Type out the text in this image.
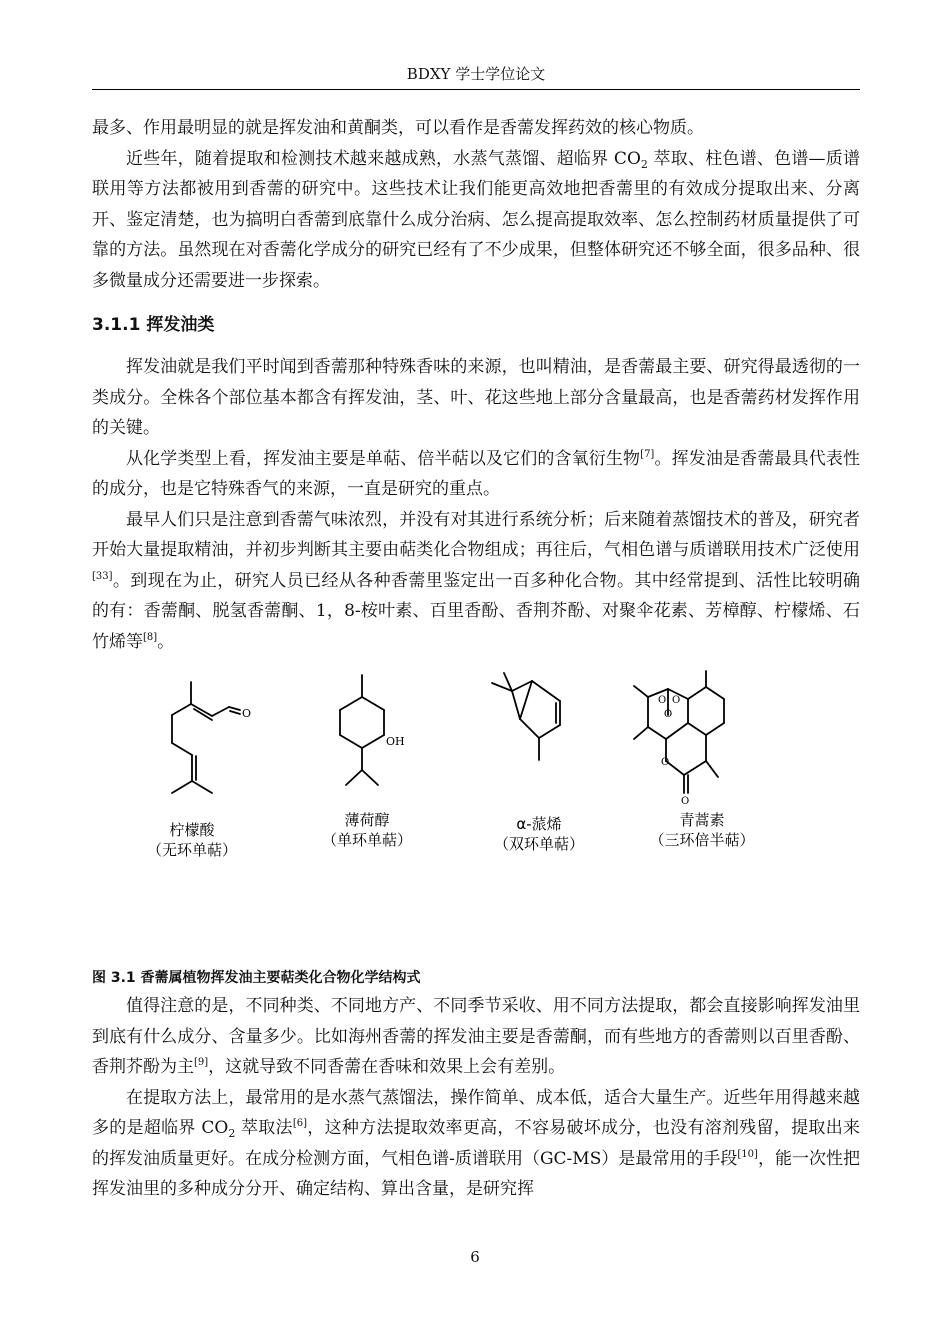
BDXY 学士学位论文

最多、作用最明显的就是挥发油和黄酮类，可以看作是香薷发挥药效的核心物质。

近些年，随着提取和检测技术越来越成熟，水蒸气蒸馏、超临界 $CO_2$ 萃取、柱色谱、色谱—质谱联用等方法都被用到香薷的研究中。这些技术让我们能更高效地把香薷里的有效成分提取出来、分离开、鉴定清楚，也为搞明白香薷到底靠什么成分治病、怎么提高提取效率、怎么控制药材质量提供了可靠的方法。虽然现在对香薷化学成分的研究已经有了不少成果，但整体研究还不够全面，很多品种、很多微量成分还需要进一步探索。

3.1.1 挥发油类

挥发油就是我们平时闻到香薷那种特殊香味的来源，也叫精油，是香薷最主要、研究得最透彻的一类成分。全株各个部位基本都含有挥发油，茎、叶、花这些地上部分含量最高，也是香薷药材发挥作用的关键。

从化学类型上看，挥发油主要是单萜、倍半萜以及它们的含氧衍生物[7]。挥发油是香薷最具代表性的成分，也是它特殊香气的来源，一直是研究的重点。

最早人们只是注意到香薷气味浓烈，并没有对其进行系统分析；后来随着蒸馏技术的普及，研究者开始大量提取精油，并初步判断其主要由萜类化合物组成；再往后，气相色谱与质谱联用技术广泛使用[33]。到现在为止，研究人员已经从各种香薷里鉴定出一百多种化合物。其中经常提到、活性比较明确的有：香薷酮、脱氢香薷酮、1，8-桉叶素、百里香酚、香荆芥酚、对聚伞花素、芳樟醇、柠檬烯、石竹烯等[8]。

O
OH
O O
O
O
O
柠檬酸
（无环单萜）
薄荷醇
（单环单萜）
α-蒎烯
（双环单萜）
青蒿素
（三环倍半萜）

图 3.1 香薷属植物挥发油主要萜类化合物化学结构式

值得注意的是，不同种类、不同地方产、不同季节采收、用不同方法提取，都会直接影响挥发油里到底有什么成分、含量多少。比如海州香薷的挥发油主要是香薷酮，而有些地方的香薷则以百里香酚、香荆芥酚为主[9]，这就导致不同香薷在香味和效果上会有差别。

在提取方法上，最常用的是水蒸气蒸馏法，操作简单、成本低，适合大量生产。近些年用得越来越多的是超临界 $CO_2$ 萃取法[6]，这种方法提取效率更高，不容易破坏成分，也没有溶剂残留，提取出来的挥发油质量更好。在成分检测方面，气相色谱-质谱联用（GC-MS）是最常用的手段[10]，能一次性把挥发油里的多种成分分开、确定结构、算出含量，是研究挥

6
